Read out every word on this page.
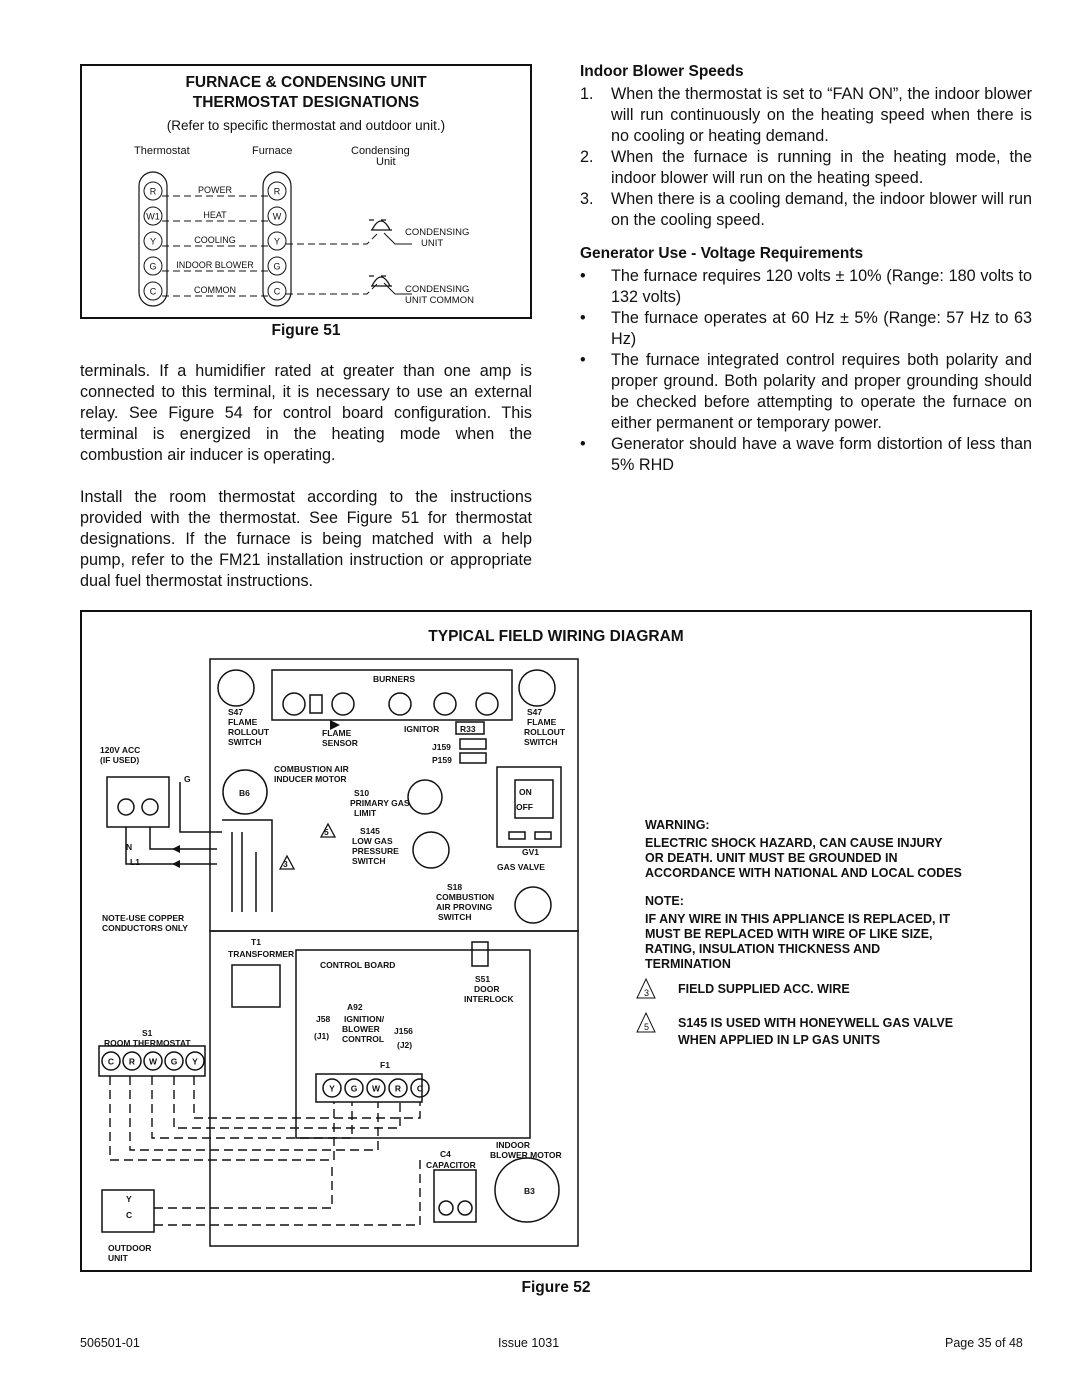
FURNACE & CONDENSING UNIT
THERMOSTAT DESIGNATIONS
(Refer to specific thermostat and outdoor unit.)
Thermostat	Furnace	Condensing
Unit
R	R
POWER
W1	W
HEAT
Y	Y
COOLING
G	G
INDOOR BLOWER
C	C
COMMON
CONDENSING
UNIT
CONDENSING
UNIT COMMON
Figure 51

terminals. If a humidifier rated at greater than one amp is connected to this terminal, it is necessary to use an external relay. See Figure 54 for control board configuration. This terminal is energized in the heating mode when the combustion air inducer is operating.

Install the room thermostat according to the instructions provided with the thermostat. See Figure 51 for thermostat designations. If the furnace is being matched with a help pump, refer to the FM21 installation instruction or appropriate dual fuel thermostat instructions.

Indoor Blower Speeds
1. When the thermostat is set to “FAN ON”, the indoor blower will run continuously on the heating speed when there is no cooling or heating demand.
2. When the furnace is running in the heating mode, the indoor blower will run on the heating speed.
3. When there is a cooling demand, the indoor blower will run on the cooling speed.
Generator Use - Voltage Requirements
• The furnace requires 120 volts ± 10% (Range: 180 volts to 132 volts)
• The furnace operates at 60 Hz ± 5% (Range: 57 Hz to 63 Hz)
• The furnace integrated control requires both polarity and proper ground. Both polarity and proper grounding should be checked before attempting to operate the furnace on either permanent or temporary power.
• Generator should have a wave form distortion of less than 5% RHD
TYPICAL FIELD WIRING DIAGRAM
BURNERS
S47
FLAME
ROLLOUT
SWITCH
FLAME
SENSOR
IGNITOR R33
S47
FLAME
ROLLOUT
SWITCH
J159
P159
120V ACC
(IF USED)
G
B6
COMBUSTION AIR
INDUCER MOTOR
S10
PRIMARY GAS
LIMIT
ON
OFF
GV1
GAS VALVE
S145
LOW GAS
PRESSURE
SWITCH
N
L1
S18
COMBUSTION
AIR PROVING
SWITCH
NOTE-USE COPPER
CONDUCTORS ONLY
T1
TRANSFORMER
CONTROL BOARD
S51
DOOR
INTERLOCK
A92
IGNITION/
BLOWER
CONTROL
J58
(J1)	J156
(J2)
F1
S1
ROOM THERMOSTAT
C4
CAPACITOR
INDOOR
BLOWER MOTOR
B3
Y
C
OUTDOOR
UNIT
3
5
C R W G Y
Y G W R C
WARNING:
ELECTRIC SHOCK HAZARD, CAN CAUSE INJURY
OR DEATH. UNIT MUST BE GROUNDED IN
ACCORDANCE WITH NATIONAL AND LOCAL CODES
NOTE:
IF ANY WIRE IN THIS APPLIANCE IS REPLACED, IT
MUST BE REPLACED WITH WIRE OF LIKE SIZE,
RATING, INSULATION THICKNESS AND
TERMINATION
3 FIELD SUPPLIED ACC. WIRE
5 S145 IS USED WITH HONEYWELL GAS VALVE
WHEN APPLIED IN LP GAS UNITS
Figure 52
506501-01	Issue 1031	Page 35 of 48
